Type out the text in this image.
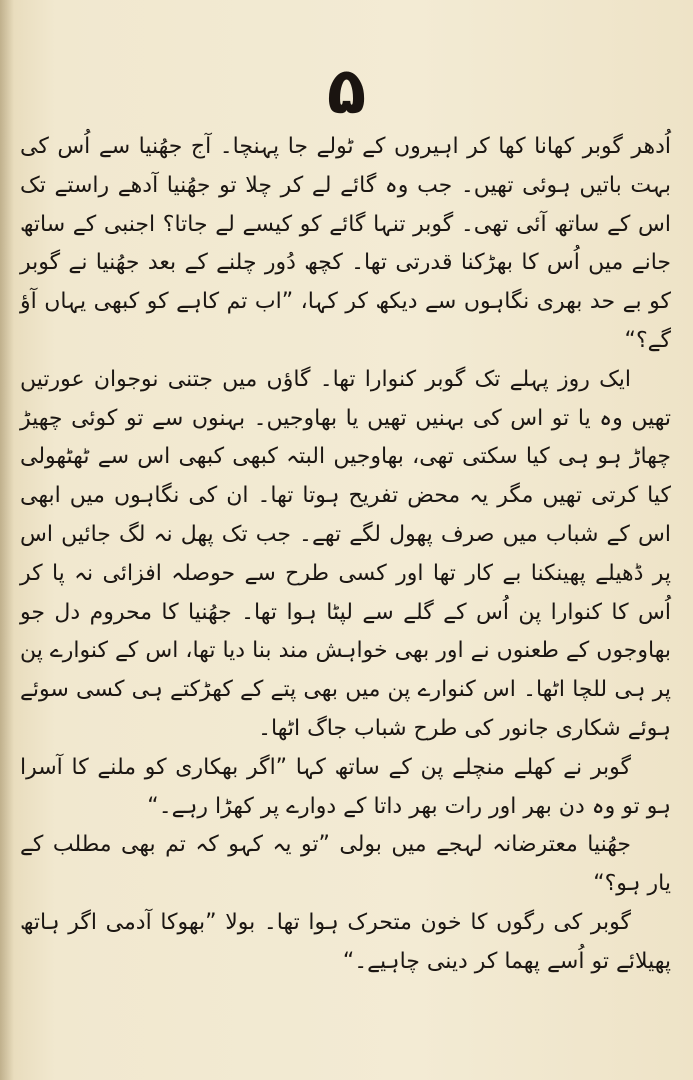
۵

اُدھر گوبر کھانا کھا کر اہیروں کے ٹولے جا پہنچا۔ آج جھُنیا سے اُس کی بہت باتیں ہوئی تھیں۔ جب وہ گائے لے کر چلا تو جھُنیا آدھے راستے تک اس کے ساتھ آئی تھی۔ گوبر تنہا گائے کو کیسے لے جاتا؟ اجنبی کے ساتھ جانے میں اُس کا بھڑکنا قدرتی تھا۔ کچھ دُور چلنے کے بعد جھُنیا نے گوبر کو بے حد بھری نگاہوں سے دیکھ کر کہا، ”اب تم کاہے کو کبھی یہاں آؤ گے؟“

ایک روز پہلے تک گوبر کنوارا تھا۔ گاؤں میں جتنی نوجوان عورتیں تھیں وہ یا تو اس کی بہنیں تھیں یا بھاوجیں۔ بہنوں سے تو کوئی چھیڑ چھاڑ ہو ہی کیا سکتی تھی، بھاوجیں البتہ کبھی کبھی اس سے ٹھٹھولی کیا کرتی تھیں مگر یہ محض تفریح ہوتا تھا۔ ان کی نگاہوں میں ابھی اس کے شباب میں صرف پھول لگے تھے۔ جب تک پھل نہ لگ جائیں اس پر ڈھیلے پھینکنا بے کار تھا اور کسی طرح سے حوصلہ افزائی نہ پا کر اُس کا کنوارا پن اُس کے گلے سے لپٹا ہوا تھا۔ جھُنیا کا محروم دل جو بھاوجوں کے طعنوں نے اور بھی خواہش مند بنا دیا تھا، اس کے کنوارے پن پر ہی للچا اٹھا۔ اس کنوارے پن میں بھی پتے کے کھڑکتے ہی کسی سوئے ہوئے شکاری جانور کی طرح شباب جاگ اٹھا۔

گوبر نے کھلے منچلے پن کے ساتھ کہا ”اگر بھکاری کو ملنے کا آسرا ہو تو وہ دن بھر اور رات بھر داتا کے دوارے پر کھڑا رہے۔“

جھُنیا معترضانہ لہجے میں بولی ”تو یہ کہو کہ تم بھی مطلب کے یار ہو؟“

گوبر کی رگوں کا خون متحرک ہوا تھا۔ بولا ”بھوکا آدمی اگر ہاتھ پھیلائے تو اُسے پھما کر دینی چاہیے۔“
